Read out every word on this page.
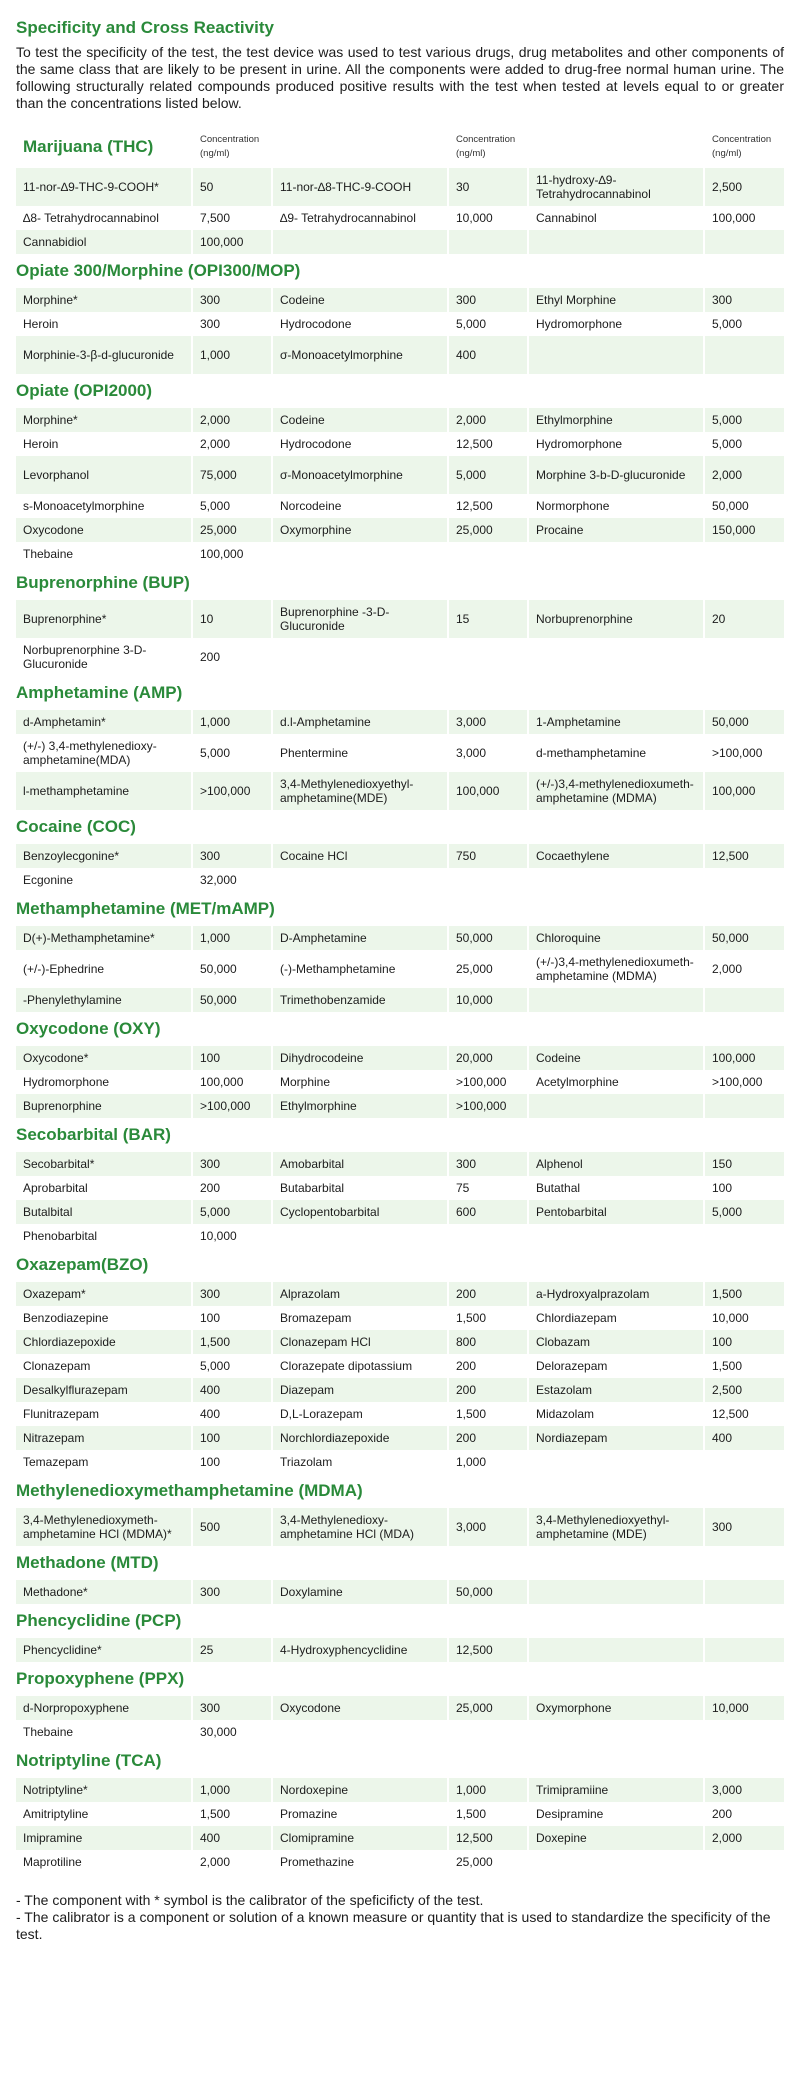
Specificity and Cross Reactivity

To test the specificity of the test, the test device was used to test various drugs, drug metabolites and other components of the same class that are likely to be present in urine. All the components were added to drug-free normal human urine. The following structurally related compounds produced positive results with the test when tested at levels equal to or greater than the concentrations listed below.

Marijuana (THC)	Concentration (ng/ml)		Concentration (ng/ml)		Concentration (ng/ml)
11-nor-∆9-THC-9-COOH*	50	11-nor-∆8-THC-9-COOH	30	11-hydroxy-∆9-Tetrahydrocannabinol	2,500
∆8- Tetrahydrocannabinol	7,500	∆9- Tetrahydrocannabinol	10,000	Cannabinol	100,000
Cannabidiol	100,000				
Opiate 300/Morphine (OPI300/MOP)
Morphine*	300	Codeine	300	Ethyl Morphine	300
Heroin	300	Hydrocodone	5,000	Hydromorphone	5,000
Morphinie-3-β-d-glucuronide	1,000	σ-Monoacetylmorphine	400		
Opiate (OPI2000)
Morphine*	2,000	Codeine	2,000	Ethylmorphine	5,000
Heroin	2,000	Hydrocodone	12,500	Hydromorphone	5,000
Levorphanol	75,000	σ-Monoacetylmorphine	5,000	Morphine 3-b-D-glucuronide	2,000
s-Monoacetylmorphine	5,000	Norcodeine	12,500	Normorphone	50,000
Oxycodone	25,000	Oxymorphine	25,000	Procaine	150,000
Thebaine	100,000				
Buprenorphine (BUP)
Buprenorphine*	10	Buprenorphine -3-D-Glucuronide	15	Norbuprenorphine	20
Norbuprenorphine 3-D-Glucuronide	200				
Amphetamine (AMP)
d-Amphetamin*	1,000	d.l-Amphetamine	3,000	1-Amphetamine	50,000
(+/-) 3,4-methylenedioxy-amphetamine(MDA)	5,000	Phentermine	3,000	d-methamphetamine	>100,000
l-methamphetamine	>100,000	3,4-Methylenedioxyethyl-amphetamine(MDE)	100,000	(+/-)3,4-methylenedioxumeth-amphetamine (MDMA)	100,000
Cocaine (COC)
Benzoylecgonine*	300	Cocaine HCl	750	Cocaethylene	12,500
Ecgonine	32,000				
Methamphetamine (MET/mAMP)
D(+)-Methamphetamine*	1,000	D-Amphetamine	50,000	Chloroquine	50,000
(+/-)-Ephedrine	50,000	(-)-Methamphetamine	25,000	(+/-)3,4-methylenedioxumeth-amphetamine (MDMA)	2,000
-Phenylethylamine	50,000	Trimethobenzamide	10,000		
Oxycodone (OXY)
Oxycodone*	100	Dihydrocodeine	20,000	Codeine	100,000
Hydromorphone	100,000	Morphine	>100,000	Acetylmorphine	>100,000
Buprenorphine	>100,000	Ethylmorphine	>100,000		
Secobarbital (BAR)
Secobarbital*	300	Amobarbital	300	Alphenol	150
Aprobarbital	200	Butabarbital	75	Butathal	100
Butalbital	5,000	Cyclopentobarbital	600	Pentobarbital	5,000
Phenobarbital	10,000				
Oxazepam(BZO)
Oxazepam*	300	Alprazolam	200	a-Hydroxyalprazolam	1,500
Benzodiazepine	100	Bromazepam	1,500	Chlordiazepam	10,000
Chlordiazepoxide	1,500	Clonazepam HCl	800	Clobazam	100
Clonazepam	5,000	Clorazepate dipotassium	200	Delorazepam	1,500
Desalkylflurazepam	400	Diazepam	200	Estazolam	2,500
Flunitrazepam	400	D,L-Lorazepam	1,500	Midazolam	12,500
Nitrazepam	100	Norchlordiazepoxide	200	Nordiazepam	400
Temazepam	100	Triazolam	1,000		
Methylenedioxymethamphetamine (MDMA)
3,4-Methylenedioxymeth-amphetamine HCl (MDMA)*	500	3,4-Methylenedioxy-amphetamine HCl (MDA)	3,000	3,4-Methylenedioxyethyl-amphetamine (MDE)	300
Methadone (MTD)
Methadone*	300	Doxylamine	50,000		
Phencyclidine (PCP)
Phencyclidine*	25	4-Hydroxyphencyclidine	12,500		
Propoxyphene (PPX)
d-Norpropoxyphene	300	Oxycodone	25,000	Oxymorphone	10,000
Thebaine	30,000				
Notriptyline (TCA)
Notriptyline*	1,000	Nordoxepine	1,000	Trimipramiine	3,000
Amitriptyline	1,500	Promazine	1,500	Desipramine	200
Imipramine	400	Clomipramine	12,500	Doxepine	2,000
Maprotiline	2,000	Promethazine	25,000		
- The component with * symbol is the calibrator of the speficificty of the test.
- The calibrator is a component or solution of a known measure or quantity that is used to standardize the specificity of the test.
